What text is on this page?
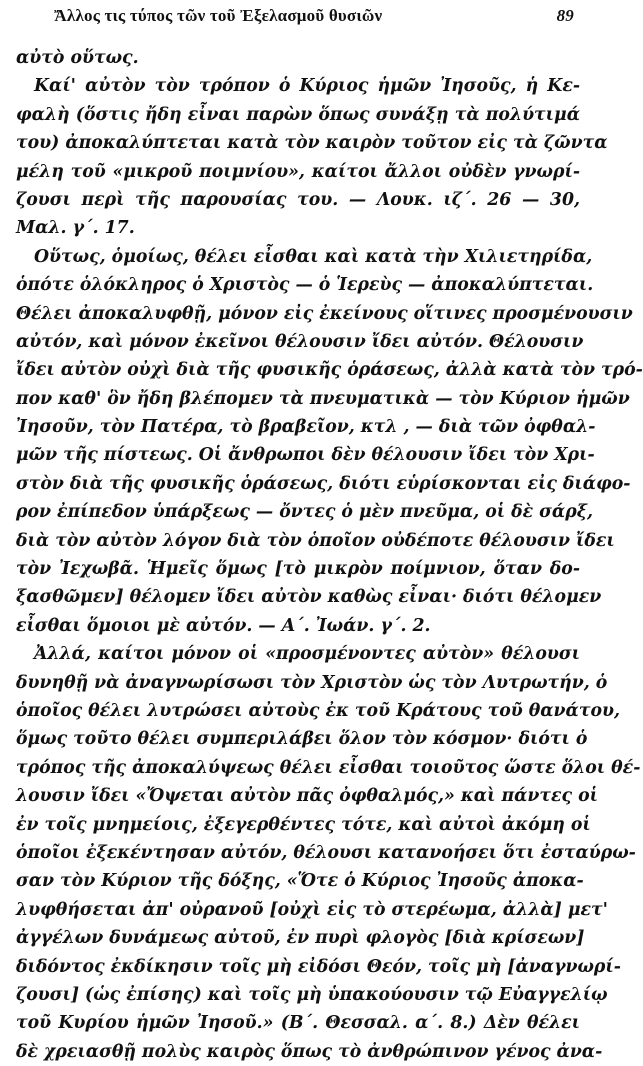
Ἄλλος τις τύπος τῶν τοῦ Ἐξελασμοῦ θυσιῶν	89
αὐτὸ οὕτως.
Καί' αὐτὸν τὸν τρόπον ὁ Κύριος ἡμῶν Ἰησοῦς, ἡ Κε-
φαλὴ (ὅστις ἤδη εἶναι παρὼν ὅπως συνάξῃ τὰ πολύτιμά
του) ἀποκαλύπτεται κατὰ τὸν καιρὸν τοῦτον εἰς τὰ ζῶντα
μέλη τοῦ «μικροῦ ποιμνίου», καίτοι ἄλλοι οὐδὲν γνωρί-
ζουσι περὶ τῆς παρουσίας του. — Λουκ. ιζ΄. 26 — 30,
Μαλ. γ΄. 17.
Οὕτως, ὁμοίως, θέλει εἶσθαι καὶ κατὰ τὴν Χιλιετηρίδα,
ὁπότε ὁλόκληρος ὁ Χριστὸς — ὁ Ἱερεὺς — ἀποκαλύπτεται.
Θέλει ἀποκαλυφθῇ, μόνον εἰς ἐκείνους οἵτινες προσμένουσιν
αὐτόν, καὶ μόνον ἐκεῖνοι θέλουσιν ἴδει αὐτόν. Θέλουσιν
ἴδει αὐτὸν οὐχὶ διὰ τῆς φυσικῆς ὁράσεως, ἀλλὰ κατὰ τὸν τρό-
πον καθ' ὃν ἤδη βλέπομεν τὰ πνευματικὰ — τὸν Κύριον ἡμῶν
Ἰησοῦν, τὸν Πατέρα, τὸ βραβεῖον, κτλ , — διὰ τῶν ὀφθαλ-
μῶν τῆς πίστεως. Οἱ ἄνθρωποι δὲν θέλουσιν ἴδει τὸν Χρι-
στὸν διὰ τῆς φυσικῆς ὁράσεως, διότι εὑρίσκονται εἰς διάφο-
ρον ἐπίπεδον ὑπάρξεως — ὄντες ὁ μὲν πνεῦμα, οἱ δὲ σάρξ,
διὰ τὸν αὐτὸν λόγον διὰ τὸν ὁποῖον οὐδέποτε θέλουσιν ἴδει
τὸν Ἰεχωβᾶ. Ἡμεῖς ὅμως [τὸ μικρὸν ποίμνιον, ὅταν δο-
ξασθῶμεν] θέλομεν ἴδει αὐτὸν καθὼς εἶναι· διότι θέλομεν
εἶσθαι ὅμοιοι μὲ αὐτόν. — Α΄. Ἰωάν. γ΄. 2.
Ἀλλά, καίτοι μόνον οἱ «προσμένοντες αὐτὸν» θέλουσι
δυνηθῇ νὰ ἀναγνωρίσωσι τὸν Χριστὸν ὡς τὸν Λυτρωτήν, ὁ
ὁποῖος θέλει λυτρώσει αὐτοὺς ἐκ τοῦ Κράτους τοῦ θανάτου,
ὅμως τοῦτο θέλει συμπεριλάβει ὅλον τὸν κόσμον· διότι ὁ
τρόπος τῆς ἀποκαλύψεως θέλει εἶσθαι τοιοῦτος ὥστε ὅλοι θέ-
λουσιν ἴδει «Ὄψεται αὐτὸν πᾶς ὀφθαλμός,» καὶ πάντες οἱ
ἐν τοῖς μνημείοις, ἐξεγερθέντες τότε, καὶ αὐτοὶ ἀκόμη οἱ
ὁποῖοι ἐξεκέντησαν αὐτόν, θέλουσι κατανοήσει ὅτι ἐσταύρω-
σαν τὸν Κύριον τῆς δόξης, «Ὅτε ὁ Κύριος Ἰησοῦς ἀποκα-
λυφθήσεται ἀπ' οὐρανοῦ [οὐχὶ εἰς τὸ στερέωμα, ἀλλὰ] μετ'
ἀγγέλων δυνάμεως αὐτοῦ, ἐν πυρὶ φλογὸς [διὰ κρίσεων]
διδόντος ἐκδίκησιν τοῖς μὴ εἰδόσι Θεόν, τοῖς μὴ [ἀναγνωρί-
ζουσι] (ὡς ἐπίσης) καὶ τοῖς μὴ ὑπακούουσιν τῷ Εὐαγγελίῳ
τοῦ Κυρίου ἡμῶν Ἰησοῦ.» (Β΄. Θεσσαλ. α΄. 8.) Δὲν θέλει
δὲ χρειασθῇ πολὺς καιρὸς ὅπως τὸ ἀνθρώπινον γένος ἀνα-
